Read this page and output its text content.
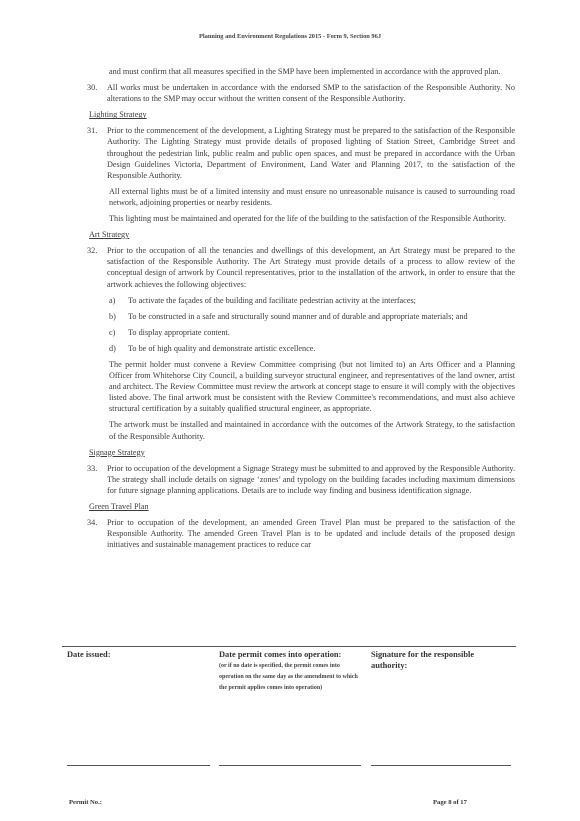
Planning and Environment Regulations 2015 - Form 9, Section 96J
and must confirm that all measures specified in the SMP have been implemented in accordance with the approved plan.
30.	All works must be undertaken in accordance with the endorsed SMP to the satisfaction of the Responsible Authority. No alterations to the SMP may occur without the written consent of the Responsible Authority.
Lighting Strategy
31.	Prior to the commencement of the development, a Lighting Strategy must be prepared to the satisfaction of the Responsible Authority. The Lighting Strategy must provide details of proposed lighting of Station Street, Cambridge Street and throughout the pedestrian link, public realm and public open spaces, and must be prepared in accordance with the Urban Design Guidelines Victoria, Department of Environment, Land Water and Planning 2017, to the satisfaction of the Responsible Authority.
All external lights must be of a limited intensity and must ensure no unreasonable nuisance is caused to surrounding road network, adjoining properties or nearby residents.
This lighting must be maintained and operated for the life of the building to the satisfaction of the Responsible Authority.
Art Strategy
32.	Prior to the occupation of all the tenancies and dwellings of this development, an Art Strategy must be prepared to the satisfaction of the Responsible Authority. The Art Strategy must provide details of a process to allow review of the conceptual design of artwork by Council representatives, prior to the installation of the artwork, in order to ensure that the artwork achieves the following objectives:
a)	To activate the façades of the building and facilitate pedestrian activity at the interfaces;
b)	To be constructed in a safe and structurally sound manner and of durable and appropriate materials; and
c)	To display appropriate content.
d)	To be of high quality and demonstrate artistic excellence.
The permit holder must convene a Review Committee comprising (but not limited to) an Arts Officer and a Planning Officer from Whitehorse City Council, a building surveyor structural engineer, and representatives of the land owner, artist and architect. The Review Committee must review the artwork at concept stage to ensure it will comply with the objectives listed above. The final artwork must be consistent with the Review Committee's recommendations, and must also achieve structural certification by a suitably qualified structural engineer, as appropriate.
The artwork must be installed and maintained in accordance with the outcomes of the Artwork Strategy, to the satisfaction of the Responsible Authority.
Signage Strategy
33.	Prior to occupation of the development a Signage Strategy must be submitted to and approved by the Responsible Authority. The strategy shall include details on signage ‘zones’ and typology on the building facades including maximum dimensions for future signage planning applications. Details are to include way finding and business identification signage.
Green Travel Plan
34.	Prior to occupation of the development, an amended Green Travel Plan must be prepared to the satisfaction of the Responsible Authority. The amended Green Travel Plan is to be updated and include details of the proposed design initiatives and sustainable management practices to reduce car
Date issued:	Date permit comes into operation:
(or if no date is specified, the permit comes into operation on the same day as the amendment to which the permit applies comes into operation)
Signature for the responsible authority:
Permit No.:	Page 8 of 17
